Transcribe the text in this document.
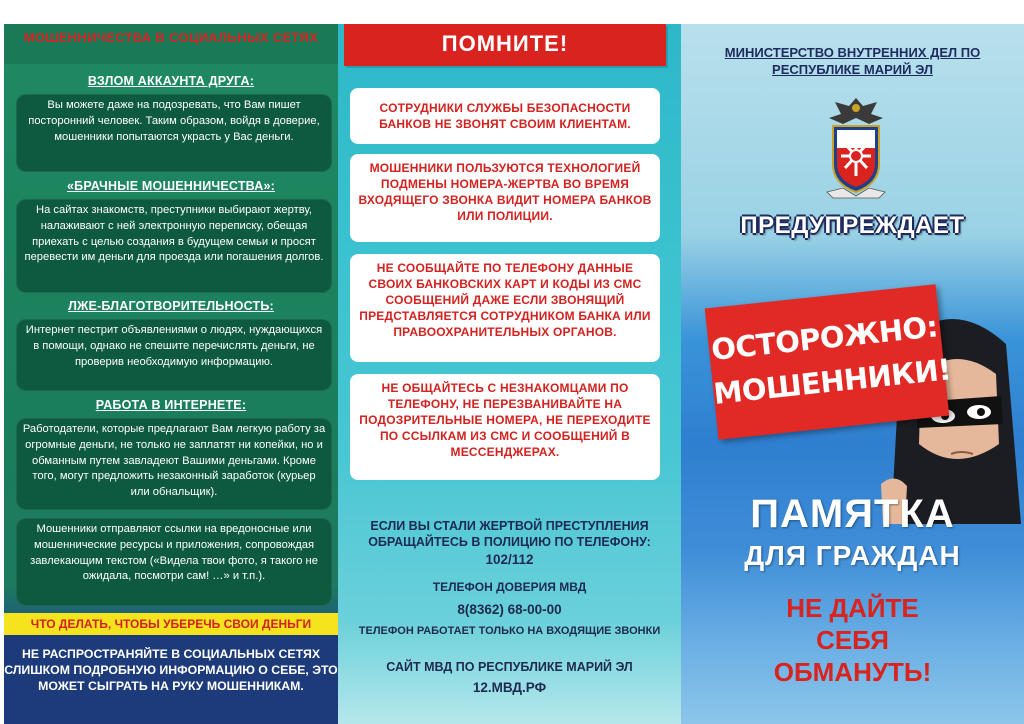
МОШЕННИЧЕСТВА В СОЦИАЛЬНЫХ СЕТЯХ
ВЗЛОМ АККАУНТА ДРУГА:
Вы можете даже на подозревать, что Вам пишет посторонний человек. Таким образом, войдя в доверие, мошенники попытаются украсть у Вас деньги.
«БРАЧНЫЕ МОШЕННИЧЕСТВА»:
На сайтах знакомств, преступники выбирают жертву, налаживают с ней электронную переписку, обещая приехать с целью создания в будущем семьи и просят перевести им деньги для проезда или погашения долгов.
ЛЖЕ-БЛАГОТВОРИТЕЛЬНОСТЬ:
Интернет пестрит объявлениями о людях, нуждающихся в помощи, однако не спешите перечислять деньги, не проверив необходимую информацию.
РАБОТА В ИНТЕРНЕТЕ:
Работодатели, которые предлагают Вам легкую работу за огромные деньги, не только не заплатят ни копейки, но и обманным путем завладеют Вашими деньгами. Кроме того, могут предложить незаконный заработок (курьер или обнальщик).
Мошенники отправляют ссылки на вредоносные или мошеннические ресурсы и приложения, сопровождая завлекающим текстом («Видела твои фото, я такого не ожидала, посмотри сам! …» и т.п.).
ЧТО ДЕЛАТЬ, ЧТОБЫ УБЕРЕЧЬ СВОИ ДЕНЬГИ
НЕ РАСПРОСТРАНЯЙТЕ В СОЦИАЛЬНЫХ СЕТЯХ СЛИШКОМ ПОДРОБНУЮ ИНФОРМАЦИЮ О СЕБЕ, ЭТО МОЖЕТ СЫГРАТЬ НА РУКУ МОШЕННИКАМ.
ПОМНИТЕ!
СОТРУДНИКИ СЛУЖБЫ БЕЗОПАСНОСТИ БАНКОВ НЕ ЗВОНЯТ СВОИМ КЛИЕНТАМ.
МОШЕННИКИ ПОЛЬЗУЮТСЯ ТЕХНОЛОГИЕЙ ПОДМЕНЫ НОМЕРА-ЖЕРТВА ВО ВРЕМЯ ВХОДЯЩЕГО ЗВОНКА ВИДИТ НОМЕРА БАНКОВ ИЛИ ПОЛИЦИИ.
НЕ СООБЩАЙТЕ ПО ТЕЛЕФОНУ ДАННЫЕ СВОИХ БАНКОВСКИХ КАРТ И КОДЫ ИЗ СМС СООБЩЕНИЙ ДАЖЕ ЕСЛИ ЗВОНЯЩИЙ ПРЕДСТАВЛЯЕТСЯ СОТРУДНИКОМ БАНКА ИЛИ ПРАВООХРАНИТЕЛЬНЫХ ОРГАНОВ.
НЕ ОБЩАЙТЕСЬ С НЕЗНАКОМЦАМИ ПО ТЕЛЕФОНУ, НЕ ПЕРЕЗВАНИВАЙТЕ НА ПОДОЗРИТЕЛЬНЫЕ НОМЕРА, НЕ ПЕРЕХОДИТЕ ПО ССЫЛКАМ ИЗ СМС И СООБЩЕНИЙ В МЕССЕНДЖЕРАХ.
ЕСЛИ ВЫ СТАЛИ ЖЕРТВОЙ ПРЕСТУПЛЕНИЯ ОБРАЩАЙТЕСЬ В ПОЛИЦИЮ ПО ТЕЛЕФОНУ:
102/112
ТЕЛЕФОН ДОВЕРИЯ МВД
8(8362) 68-00-00
ТЕЛЕФОН РАБОТАЕТ ТОЛЬКО НА ВХОДЯЩИЕ ЗВОНКИ
САЙТ МВД ПО РЕСПУБЛИКЕ МАРИЙ ЭЛ
12.МВД.РФ
МИНИСТЕРСТВО ВНУТРЕННИХ ДЕЛ ПО РЕСПУБЛИКЕ МАРИЙ ЭЛ
ПРЕДУПРЕЖДАЕТ
ОСТОРОЖНО:
МОШЕННИКИ!
ПАМЯТКА
ДЛЯ ГРАЖДАН
НЕ ДАЙТЕ
СЕБЯ
ОБМАНУТЬ!
